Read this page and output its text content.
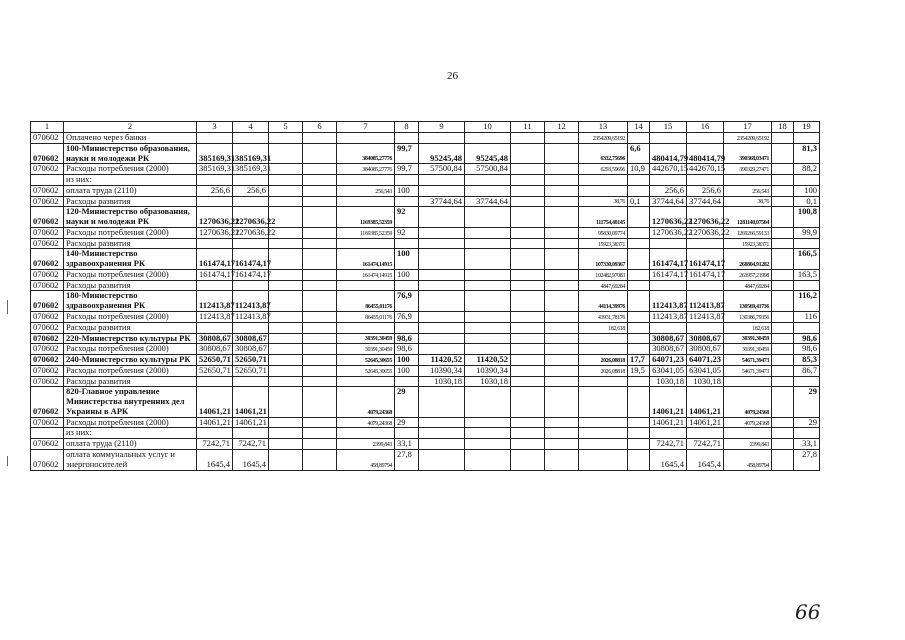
26
1	2	3	4	5	6	7	8	9	10	11	12	13	14	15	16	17	18	19
070602	Оплачено через банки											2354209,65192				2354209,65192		
070602	100-Министерство образования, науки и молодежи РК	385169,31	385169,31			384085,27776	99,7	95245,48	95245,48			6332,75696	6,6	480414,79	480414,79	390368,03471		81,3
070602	Расходы потребления (2000)	385169,31	385169,31			384085,27776	99,7	57500,84	57500,84			6293,59696	10,9	442670,15	442670,15	390329,27471		88,2
	из них:																	
070602	оплата труда (2110)	256,6	256,6			256,543	100							256,6	256,6	256,543		100
070602	Расходы развития							37744,64	37744,64			38,76	0,1	37744,64	37744,64	38,76		0,1
070602	120-Министерство образования, науки и молодежи РК	1270636,22	1270636,22			1169385,52359	92					111754,48145		1270636,22	1270636,22	1281140,07504		100,8
070602	Расходы потребления (2000)	1270636,22	1270636,22			1169385,52359	92					95830,09774		1270636,22	1270636,22	1269266,59133		99,9
070602	Расходы развития											15923,38371				15923,38371		
070602	140-Министерство здравоохранения РК	161474,17	161474,17			161474,14915	100					107330,09367		161474,17	161474,17	268804,91282		166,5
070602	Расходы потребления (2000)	161474,17	161474,17			161474,14915	100					102482,97083		161474,17	161474,17	263957,21998		163,5
070602	Расходы развития											4847,69284				4847,69284		
070602	180-Министерство здравоохранения РК	112413,87	112413,87			86455,01176	76,9					44114,39976		112413,87	112413,87	130569,41736		116,2
070602	Расходы потребления (2000)	112413,87	112413,87			86455,01176	76,9					43931,78176		112413,87	112413,87	130386,79356		116
070602	Расходы развития											182,618				182,618		
070602	220-Министерство культуры РК	30808,67	30808,67			30391,30459	98,6							30808,67	30808,67	30391,30459		98,6
070602	Расходы потребления (2000)	30808,67	30808,67			30391,30459	98,6							30808,67	30808,67	30391,30459		98,6
070602	240-Министерство культуры РК	52650,71	52650,71			52645,30655	100	11420,52	11420,52			2026,08818	17,7	64071,23	64071,23	54671,39473		85,3
070602	Расходы потребления (2000)	52650,71	52650,71			52645,30655	100	10390,34	10390,34			2026,08818	19,5	63041,05	63041,05	54671,39473		86,7
070602	Расходы развития							1030,18	1030,18					1030,18	1030,18			
070602	820-Главное управление Министерства внутренних дел Украины в АРК	14061,21	14061,21			4079,24368	29							14061,21	14061,21	4079,24368		29
070602	Расходы потребления (2000)	14061,21	14061,21			4079,24368	29							14061,21	14061,21	4079,24368		29
	из них:																	
070602	оплата труда (2110)	7242,71	7242,71			2399,843	33,1							7242,71	7242,71	2399,843		33,1
070602	оплата коммунальных услуг и энергоносителей	1645,4	1645,4			458,89794	27,8							1645,4	1645,4	458,89794		27,8
66
